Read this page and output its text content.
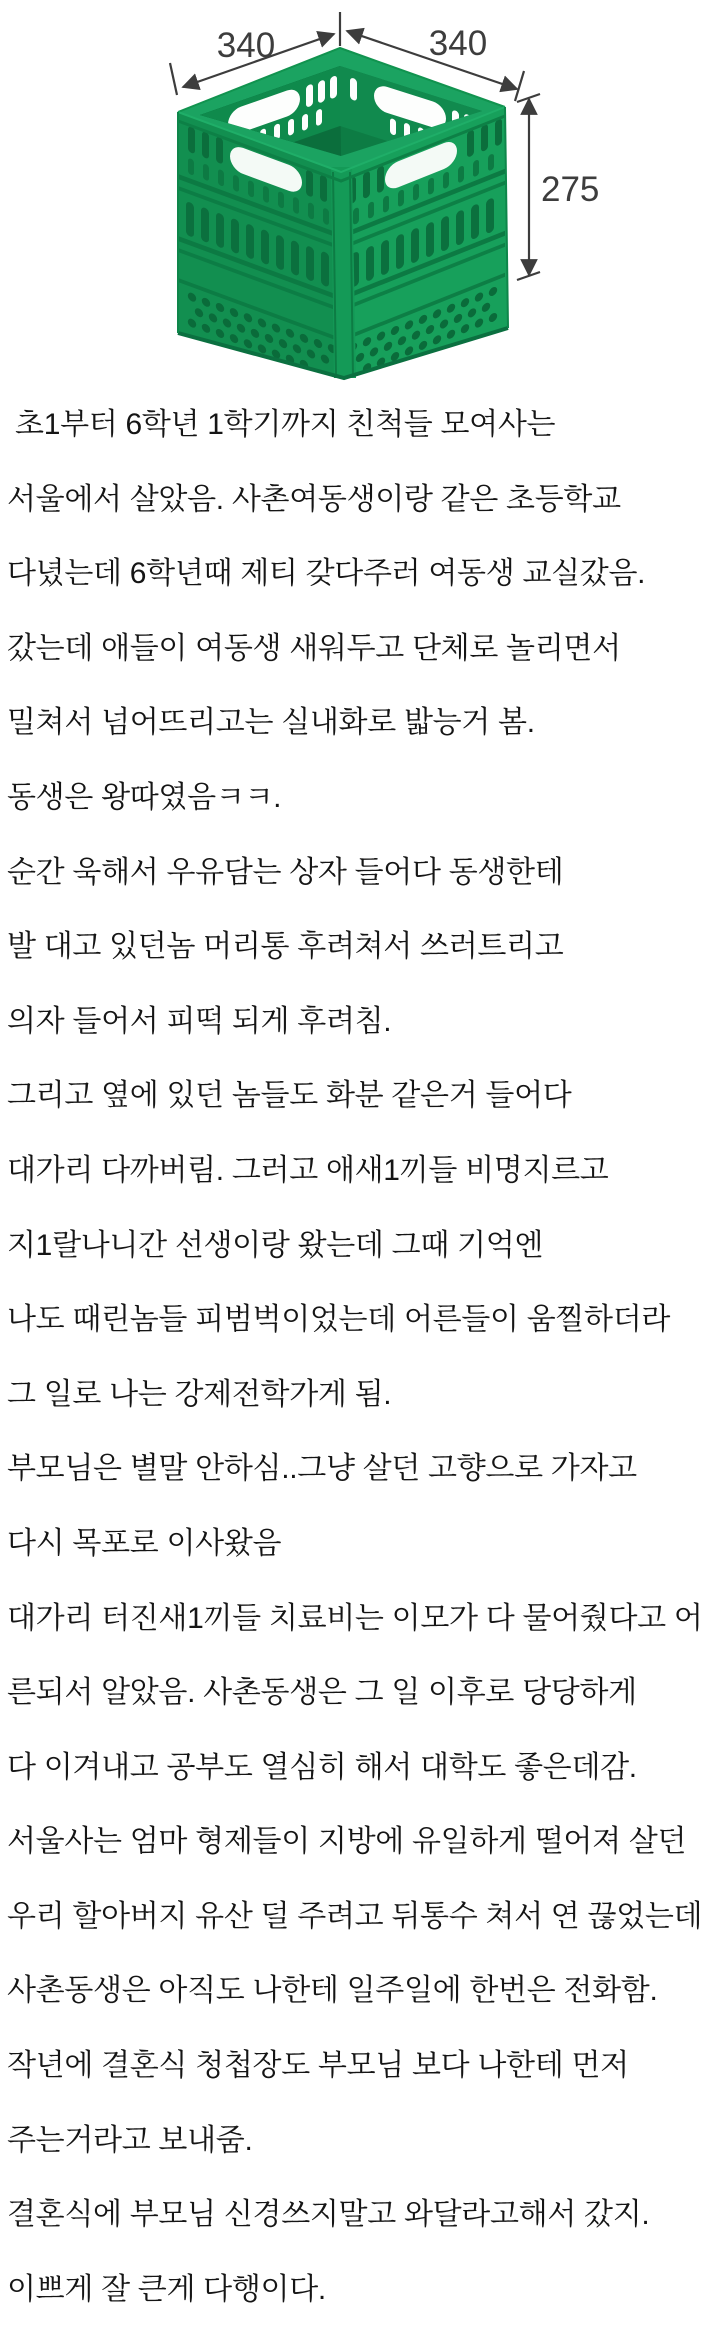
340	340
275
초1부터 6학년 1학기까지 친척들 모여사는
서울에서 살았음. 사촌여동생이랑 같은 초등학교
다녔는데 6학년때 제티 갖다주러 여동생 교실갔음.
갔는데 애들이 여동생 새워두고 단체로 놀리면서
밀쳐서 넘어뜨리고는 실내화로 밟능거 봄.
동생은 왕따였음ㅋㅋ.
순간 욱해서 우유담는 상자 들어다 동생한테
발 대고 있던놈 머리통 후려쳐서 쓰러트리고
의자 들어서 피떡 되게 후려침.
그리고 옆에 있던 놈들도 화분 같은거 들어다
대가리 다까버림. 그러고 애새1끼들 비명지르고
지1랄나니간 선생이랑 왔는데 그때 기억엔
나도 때린놈들 피범벅이었는데 어른들이 움찔하더라
그 일로 나는 강제전학가게 됨.
부모님은 별말 안하심..그냥 살던 고향으로 가자고
다시 목포로 이사왔음
대가리 터진새1끼들 치료비는 이모가 다 물어줬다고 어
른되서 알았음. 사촌동생은 그 일 이후로 당당하게
다 이겨내고 공부도 열심히 해서 대학도 좋은데감.
서울사는 엄마 형제들이 지방에 유일하게 떨어져 살던
우리 할아버지 유산 덜 주려고 뒤통수 쳐서 연 끊었는데
사촌동생은 아직도 나한테 일주일에 한번은 전화함.
작년에 결혼식 청첩장도 부모님 보다 나한테 먼저
주는거라고 보내줌.
결혼식에 부모님 신경쓰지말고 와달라고해서 갔지.
이쁘게 잘 큰게 다행이다.
